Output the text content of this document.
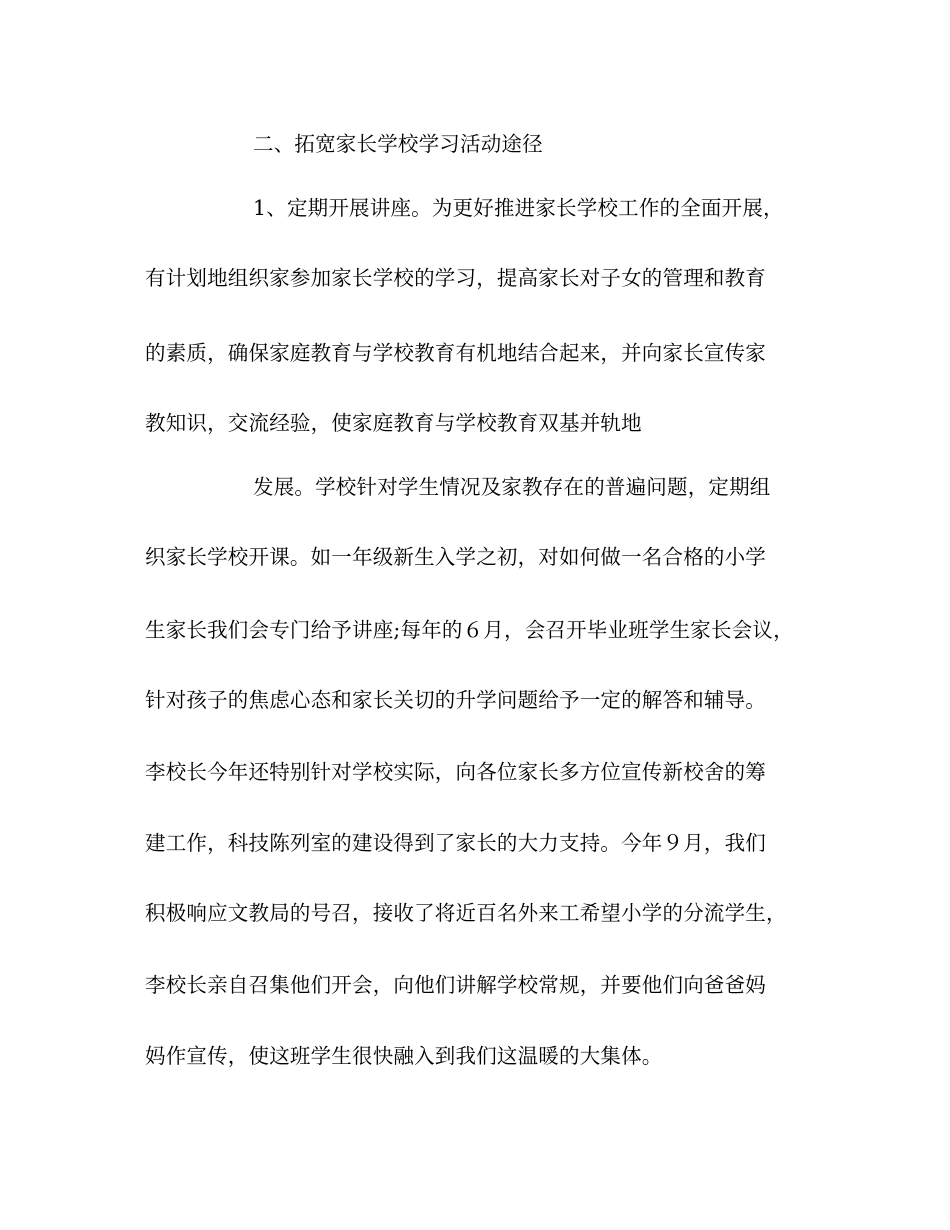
二、拓宽家长学校学习活动途径
1、定期开展讲座。为更好推进家长学校工作的全面开展，
有计划地组织家参加家长学校的学习，提高家长对子女的管理和教育
的素质，确保家庭教育与学校教育有机地结合起来，并向家长宣传家
教知识，交流经验，使家庭教育与学校教育双基并轨地
发展。学校针对学生情况及家教存在的普遍问题，定期组
织家长学校开课。如一年级新生入学之初，对如何做一名合格的小学
生家长我们会专门给予讲座;每年的６月，会召开毕业班学生家长会议，
针对孩子的焦虑心态和家长关切的升学问题给予一定的解答和辅导。
李校长今年还特别针对学校实际，向各位家长多方位宣传新校舍的筹
建工作，科技陈列室的建设得到了家长的大力支持。今年９月，我们
积极响应文教局的号召，接收了将近百名外来工希望小学的分流学生，
李校长亲自召集他们开会，向他们讲解学校常规，并要他们向爸爸妈
妈作宣传，使这班学生很快融入到我们这温暖的大集体。
